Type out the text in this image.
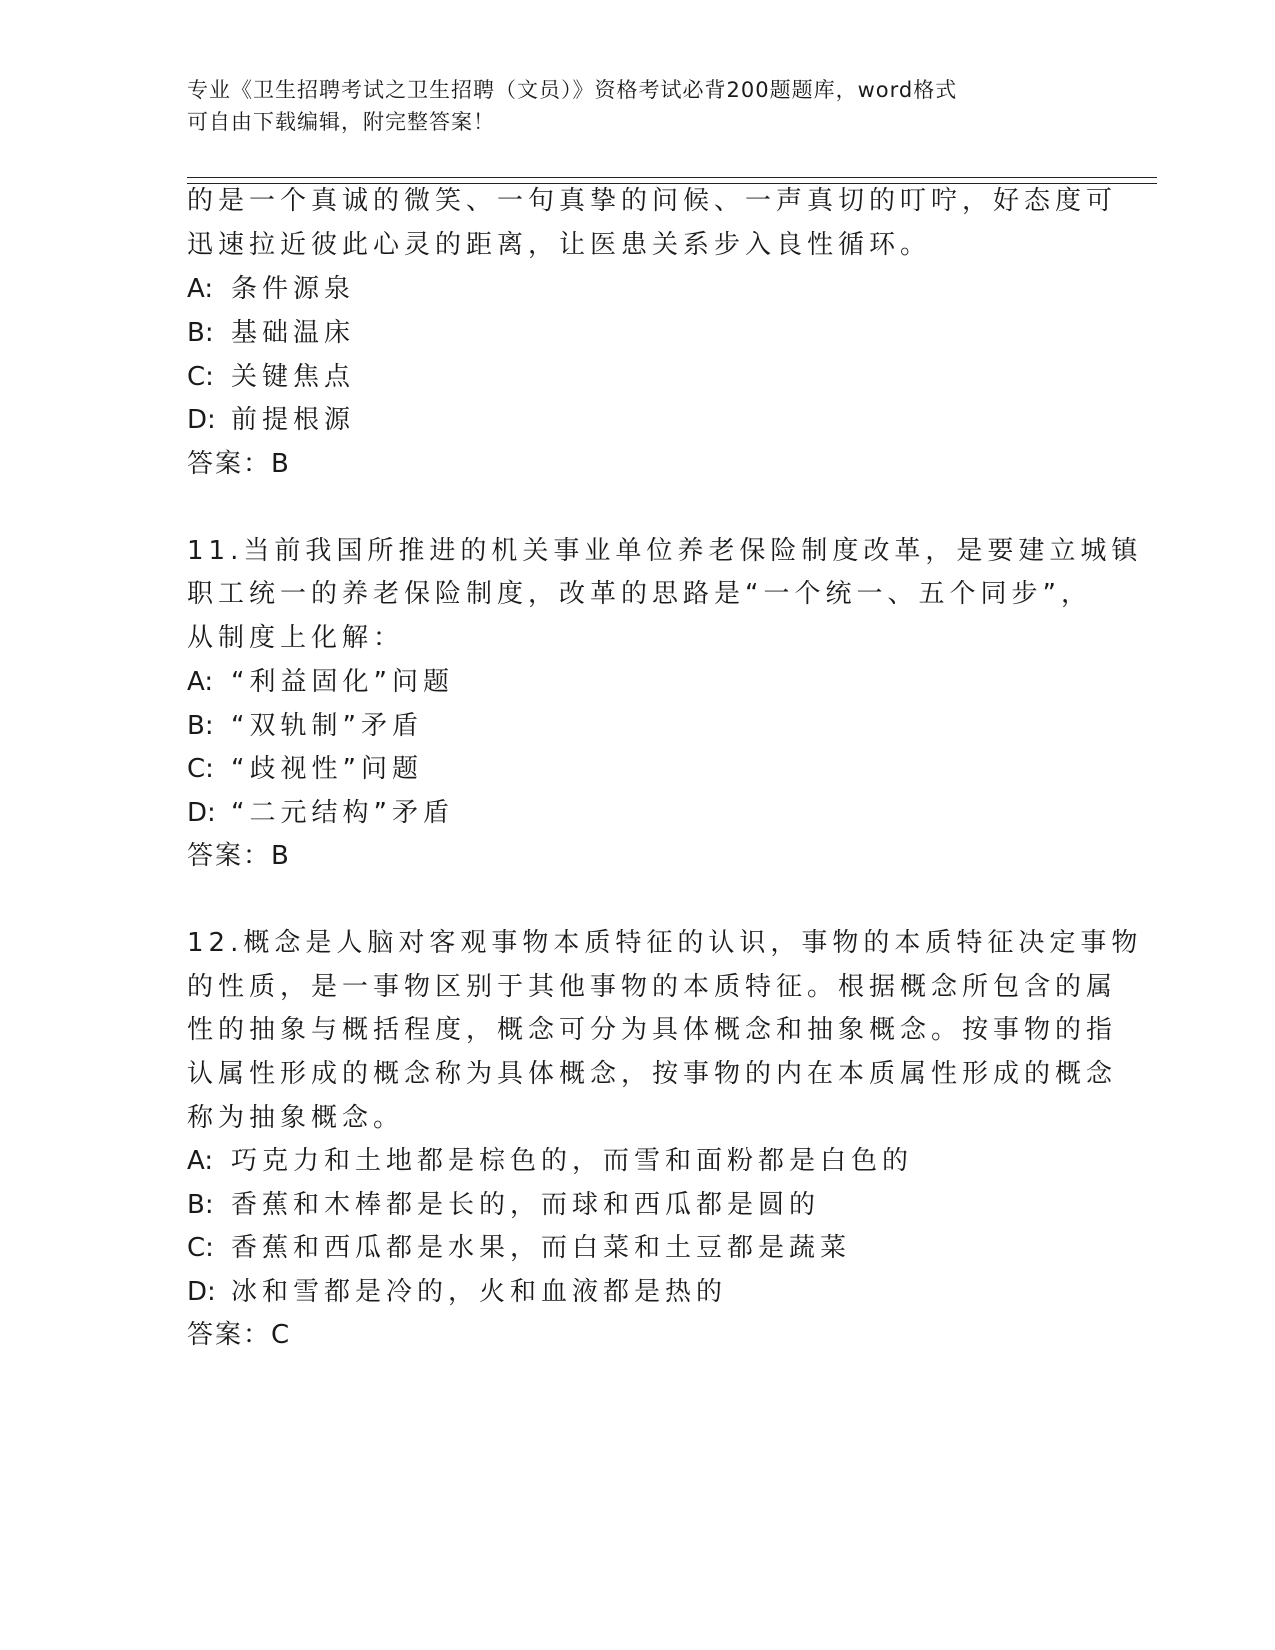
专业《卫生招聘考试之卫生招聘（文员）》资格考试必背200题题库，word格式
可自由下载编辑，附完整答案！
的是一个真诚的微笑、一句真挚的问候、一声真切的叮咛，好态度可
迅速拉近彼此心灵的距离，让医患关系步入良性循环。
A: 条件源泉
B: 基础温床
C: 关键焦点
D: 前提根源
答案：B
11.当前我国所推进的机关事业单位养老保险制度改革，是要建立城镇
职工统一的养老保险制度，改革的思路是“一个统一、五个同步”，
从制度上化解：
A: “利益固化”问题
B: “双轨制”矛盾
C: “歧视性”问题
D: “二元结构”矛盾
答案：B
12.概念是人脑对客观事物本质特征的认识，事物的本质特征决定事物
的性质，是一事物区别于其他事物的本质特征。根据概念所包含的属
性的抽象与概括程度，概念可分为具体概念和抽象概念。按事物的指
认属性形成的概念称为具体概念，按事物的内在本质属性形成的概念
称为抽象概念。
A: 巧克力和土地都是棕色的，而雪和面粉都是白色的
B: 香蕉和木棒都是长的，而球和西瓜都是圆的
C: 香蕉和西瓜都是水果，而白菜和土豆都是蔬菜
D: 冰和雪都是冷的，火和血液都是热的
答案：C
